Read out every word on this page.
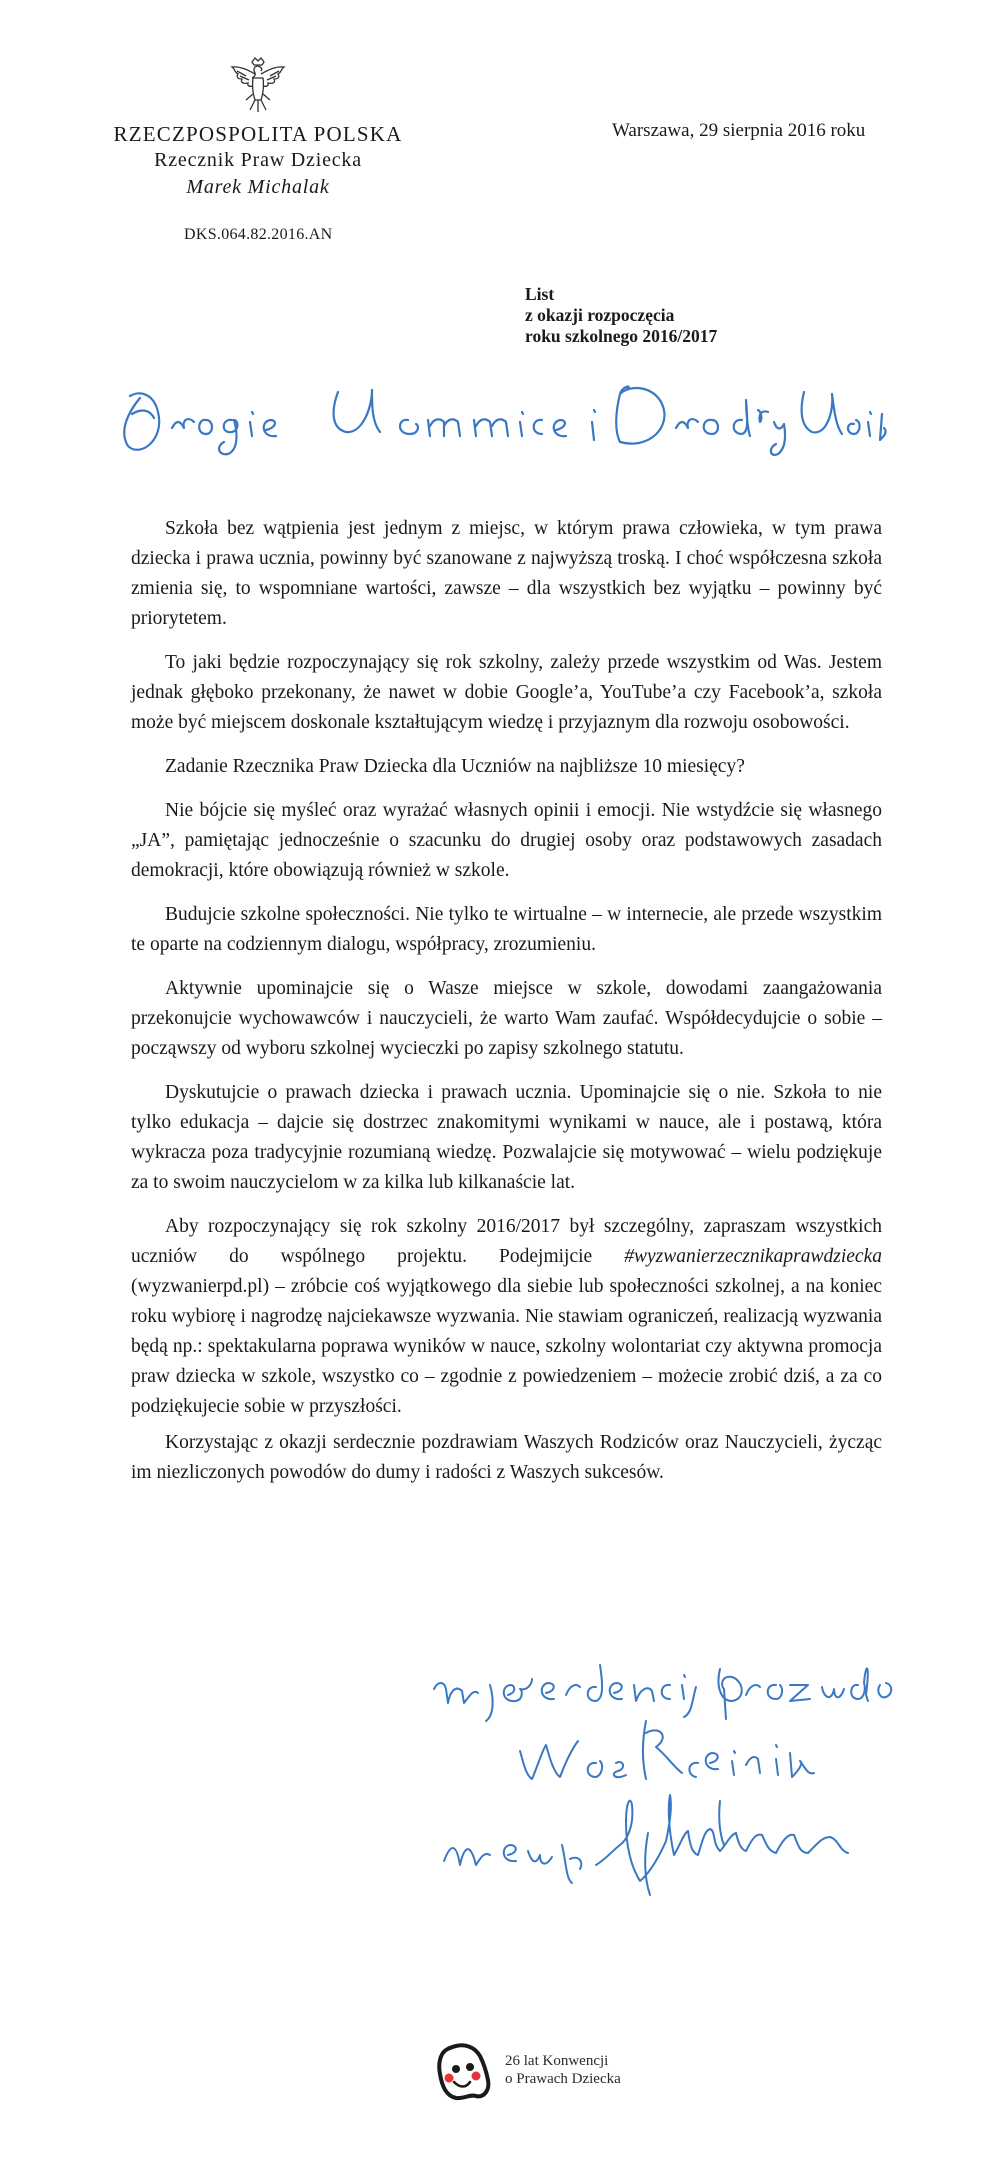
RZECZPOSPOLITA POLSKA
Rzecznik Praw Dziecka
Marek Michalak
DKS.064.82.2016.AN
Warszawa, 29 sierpnia 2016 roku
List
z okazji rozpoczęcia
roku szkolnego 2016/2017

Szkoła bez wątpienia jest jednym z miejsc, w którym prawa człowieka, w tym prawa dziecka i prawa ucznia, powinny być szanowane z najwyższą troską. I choć współczesna szkoła zmienia się, to wspomniane wartości, zawsze – dla wszystkich bez wyjątku – powinny być priorytetem.

To jaki będzie rozpoczynający się rok szkolny, zależy przede wszystkim od Was. Jestem jednak głęboko przekonany, że nawet w dobie Google’a, YouTube’a czy Facebook’a, szkoła może być miejscem doskonale kształtującym wiedzę i przyjaznym dla rozwoju osobowości.

Zadanie Rzecznika Praw Dziecka dla Uczniów na najbliższe 10 miesięcy?

Nie bójcie się myśleć oraz wyrażać własnych opinii i emocji. Nie wstydźcie się własnego „JA”, pamiętając jednocześnie o szacunku do drugiej osoby oraz podstawowych zasadach demokracji, które obowiązują również w szkole.

Budujcie szkolne społeczności. Nie tylko te wirtualne – w internecie, ale przede wszystkim te oparte na codziennym dialogu, współpracy, zrozumieniu.

Aktywnie upominajcie się o Wasze miejsce w szkole, dowodami zaangażowania przekonujcie wychowawców i nauczycieli, że warto Wam zaufać. Współdecydujcie o sobie – począwszy od wyboru szkolnej wycieczki po zapisy szkolnego statutu.

Dyskutujcie o prawach dziecka i prawach ucznia. Upominajcie się o nie. Szkoła to nie tylko edukacja – dajcie się dostrzec znakomitymi wynikami w nauce, ale i postawą, która wykracza poza tradycyjnie rozumianą wiedzę. Pozwalajcie się motywować – wielu podziękuje za to swoim nauczycielom w za kilka lub kilkanaście lat.

Aby rozpoczynający się rok szkolny 2016/2017 był szczególny, zapraszam wszystkich uczniów do wspólnego projektu. Podejmijcie #wyzwanierzecznikaprawdziecka (wyzwanierpd.pl) – zróbcie coś wyjątkowego dla siebie lub społeczności szkolnej, a na koniec roku wybiorę i nagrodzę najciekawsze wyzwania. Nie stawiam ograniczeń, realizacją wyzwania będą np.: spektakularna poprawa wyników w nauce, szkolny wolontariat czy aktywna promocja praw dziecka w szkole, wszystko co – zgodnie z powiedzeniem – możecie zrobić dziś, a za co podziękujecie sobie w przyszłości.

Korzystając z okazji serdecznie pozdrawiam Waszych Rodziców oraz Nauczycieli, życząc im niezliczonych powodów do dumy i radości z Waszych sukcesów.

26 lat Konwencji
o Prawach Dziecka
